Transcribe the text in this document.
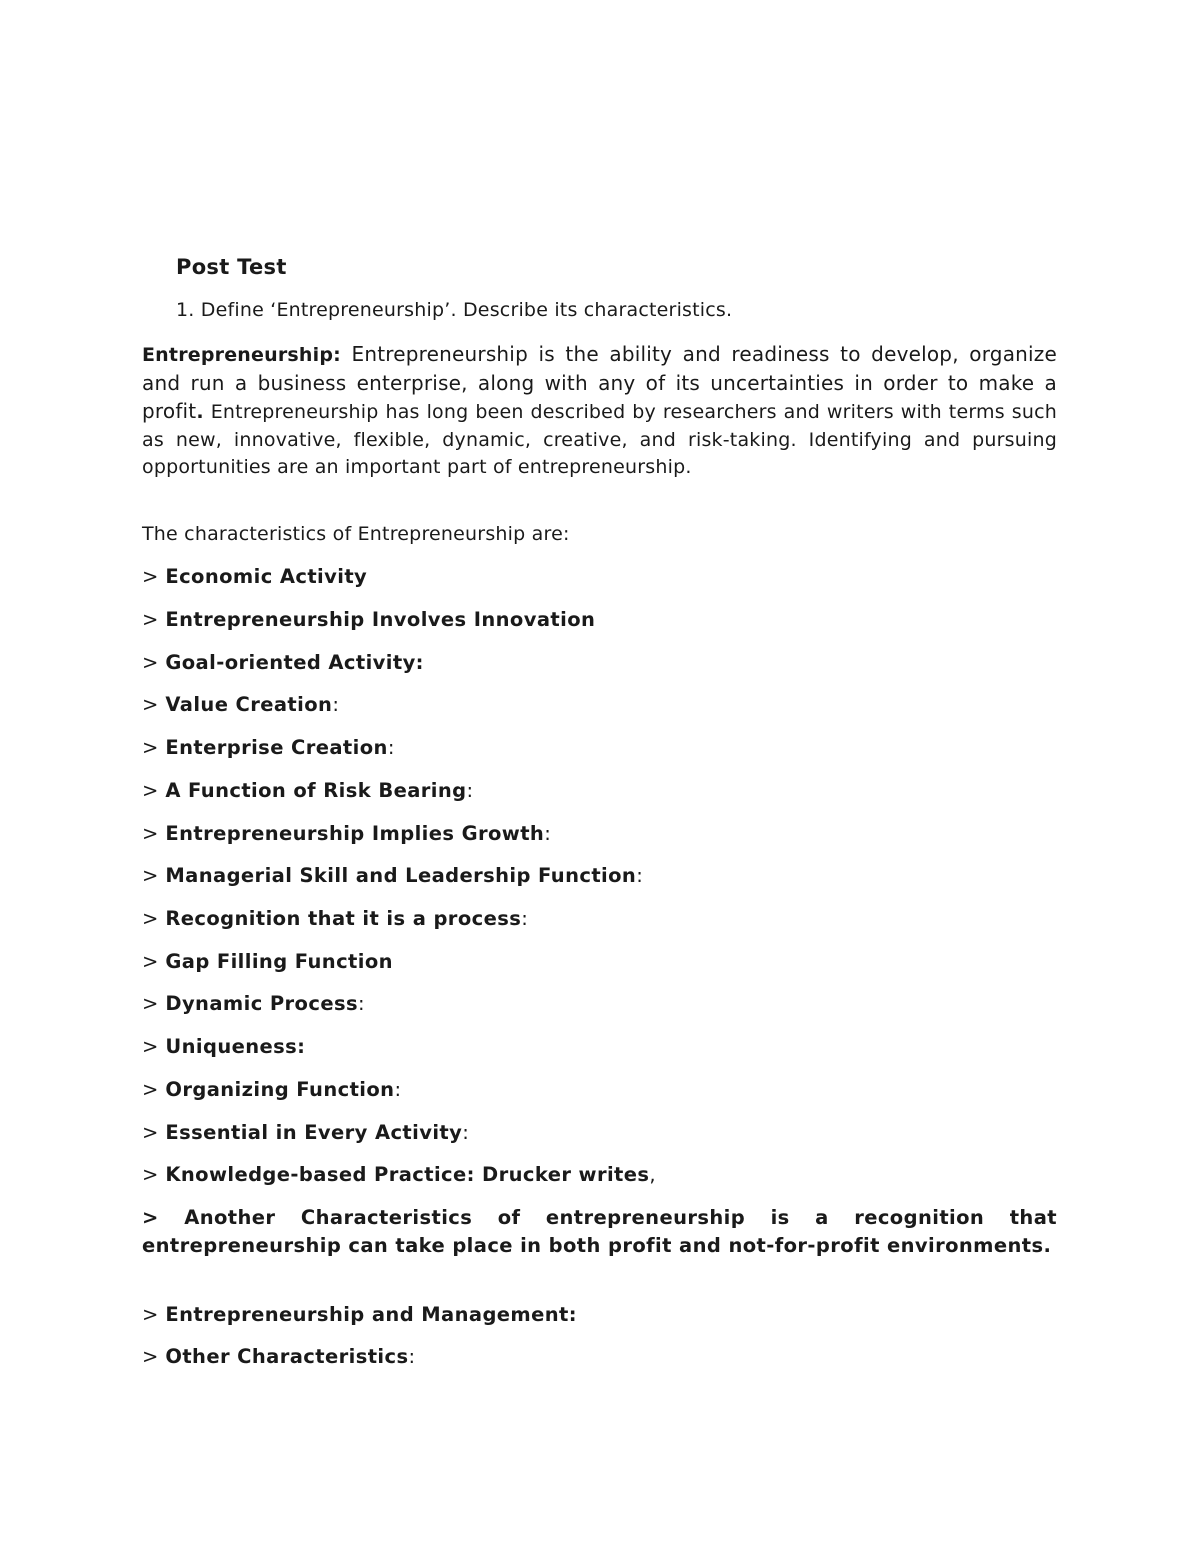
Post Test
1. Define ‘Entrepreneurship’. Describe its characteristics.
Entrepreneurship: Entrepreneurship is the ability and readiness to develop, organize and run a business enterprise, along with any of its uncertainties in order to make a profit. Entrepreneurship has long been described by researchers and writers with terms such as new, innovative, flexible, dynamic, creative, and risk-taking. Identifying and pursuing opportunities are an important part of entrepreneurship.
The characteristics of Entrepreneurship are:
> Economic Activity
> Entrepreneurship Involves Innovation
> Goal-oriented Activity:
> Value Creation:
> Enterprise Creation:
> A Function of Risk Bearing:
> Entrepreneurship Implies Growth:
> Managerial Skill and Leadership Function:
> Recognition that it is a process:
> Gap Filling Function
> Dynamic Process:
> Uniqueness:
> Organizing Function:
> Essential in Every Activity:
> Knowledge-based Practice: Drucker writes,
> Another Characteristics of entrepreneurship is a recognition that entrepreneurship can take place in both profit and not-for-profit environments.
> Entrepreneurship and Management:
> Other Characteristics:
